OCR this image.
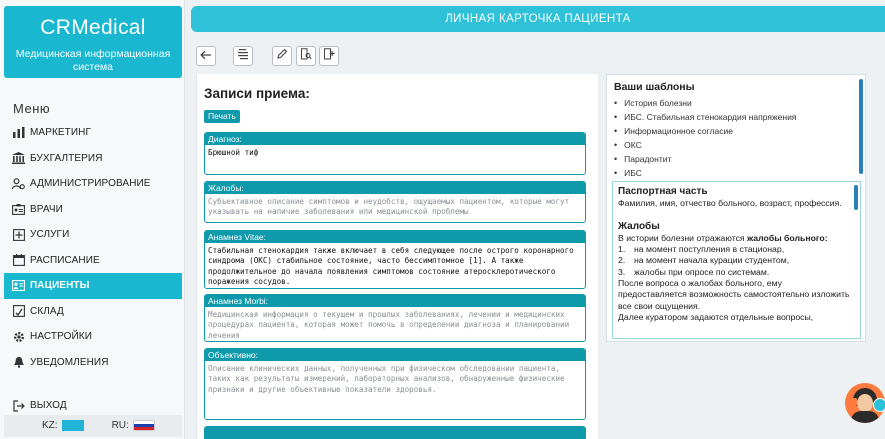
CRMedical
Медицинская информационная система
Меню
МАРКЕТИНГ
БУХГАЛТЕРИЯ
АДМИНИСТРИРОВАНИЕ
ВРАЧИ
УСЛУГИ
РАСПИСАНИЕ
ПАЦИЕНТЫ
СКЛАД
НАСТРОЙКИ
УВЕДОМЛЕНИЯ
ВЫХОД
KZ:	RU:
ЛИЧНАЯ КАРТОЧКА ПАЦИЕНТА
Записи приема:
Печать
Диагноз:
Брюшной тиф
Жалобы:
Субъективное описание симптомов и неудобств, ощущаемых пациентом, которые могут указывать на наличие заболевания или медицинской проблемы
Анамнез Vitae:
Стабильная стенокардия также включает в себя следующее после острого коронарного синдрома (ОКС) стабильное состояние, часто бессимптомное [1]. А также продолжительное до начала появления симптомов состояние атеросклеротического поражения сосудов.
Анамнез Morbi:
Медицинская информация о текущем и прошлых заболеваниях, лечении и медицинских процедурах пациента, которая может помочь в определении диагноза и планировании лечения
Объективно:
Описание клинических данных, полученных при физическом обследовании пациента, таких как результаты измерений, лабораторных анализов, обнаруженные физические признаки и другие объективные показатели здоровья.
Ваши шаблоны
• История болезни
• ИБС. Стабильная стенокардия напряжения
• Информационное согласие
• ОКС
• Парадонтит
• ИБС
Паспортная часть
Фамилия, имя, отчество больного, возраст, профессия.
Жалобы
В истории болезни отражаются жалобы больного:
1.	на момент поступления в стационар,
2.	на момент начала курации студентом,
3.	жалобы при опросе по системам.
После вопроса о жалобах больного, ему предоставляется возможность самостоятельно изложить все свои ощущения.
Далее куратором задаются отдельные вопросы,
